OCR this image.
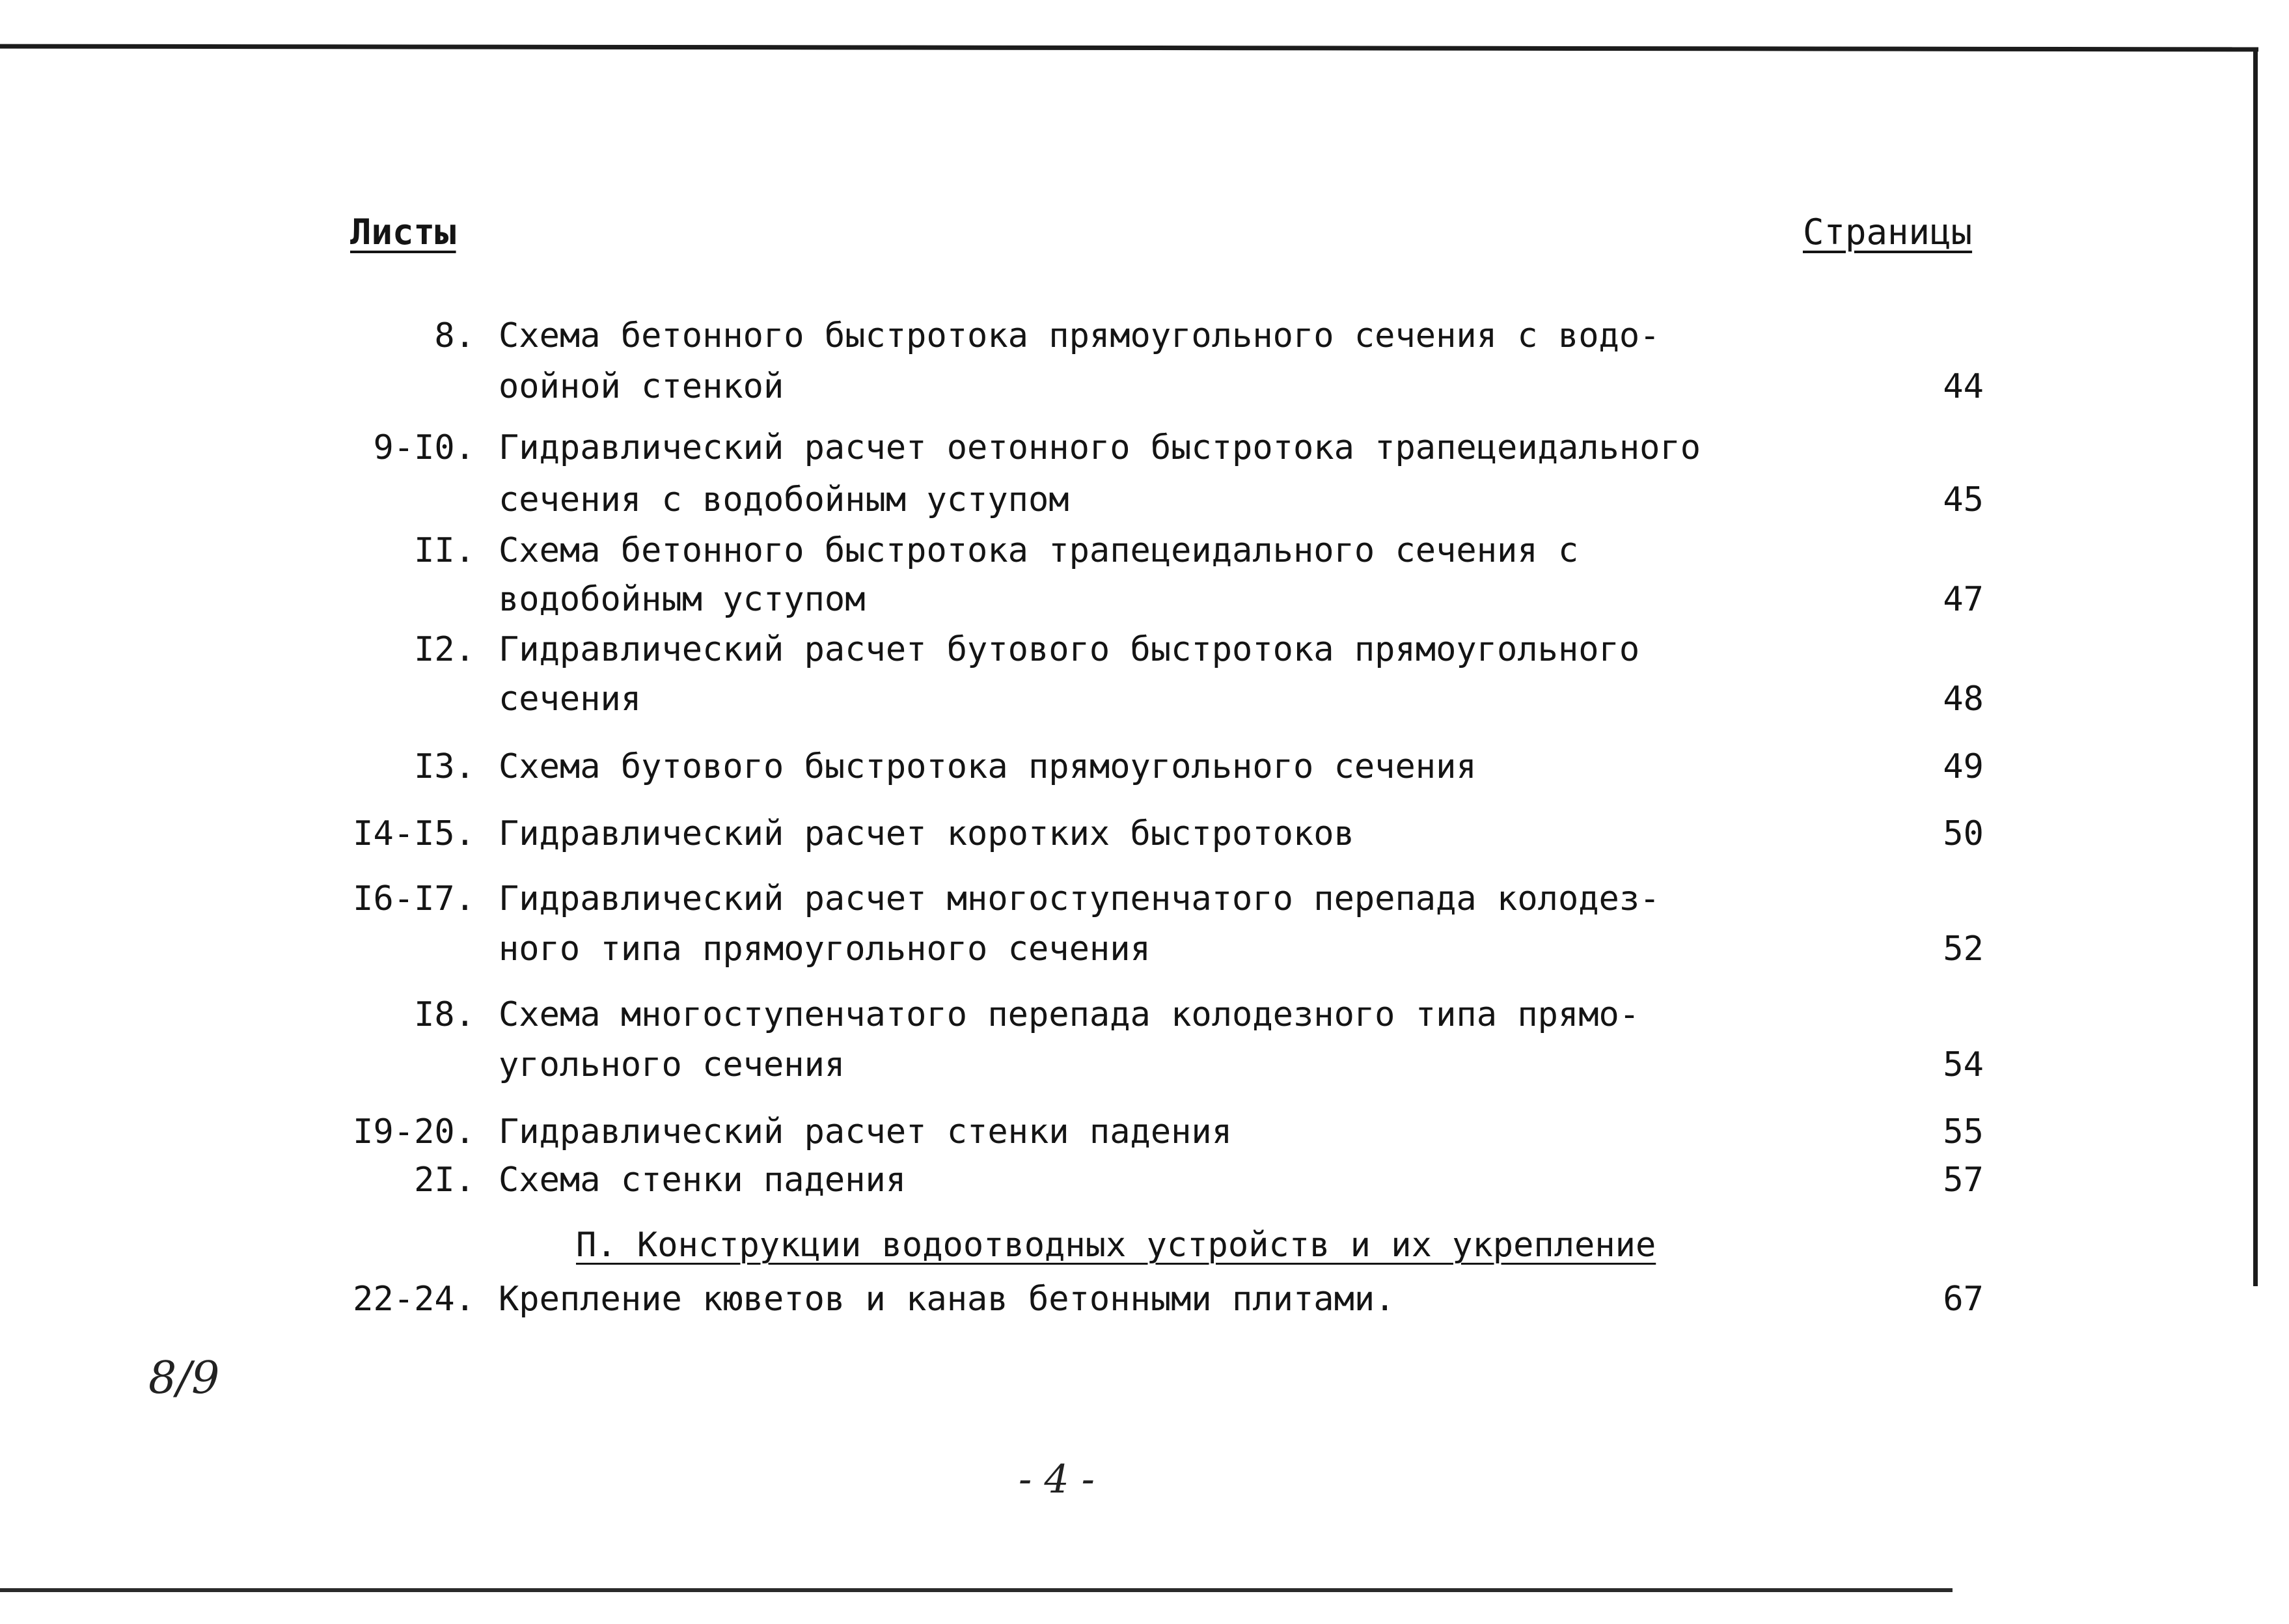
Листы	Страницы
8. Схема бетонного быстротока прямоугольного сечения с водо-
оойной стенкой	44
9-I0. Гидравлический расчет оетонного быстротока трапецеидального
сечения с водобойным уступом	45
II. Схема бетонного быстротока трапецеидального сечения с
водобойным уступом	47
I2. Гидравлический расчет бутового быстротока прямоугольного
сечения	48
I3. Схема бутового быстротока прямоугольного сечения	49
I4-I5. Гидравлический расчет коротких быстротоков	50
I6-I7. Гидравлический расчет многоступенчатого перепада колодез-
ного типа прямоугольного сечения	52
I8. Схема многоступенчатого перепада колодезного типа прямо-
угольного сечения	54
I9-20. Гидравлический расчет стенки падения	55
2I. Схема стенки падения	57
П. Конструкции водоотводных устройств и их укрепление
22-24. Крепление кюветов и канав бетонными плитами.	67
8/9
- 4 -
